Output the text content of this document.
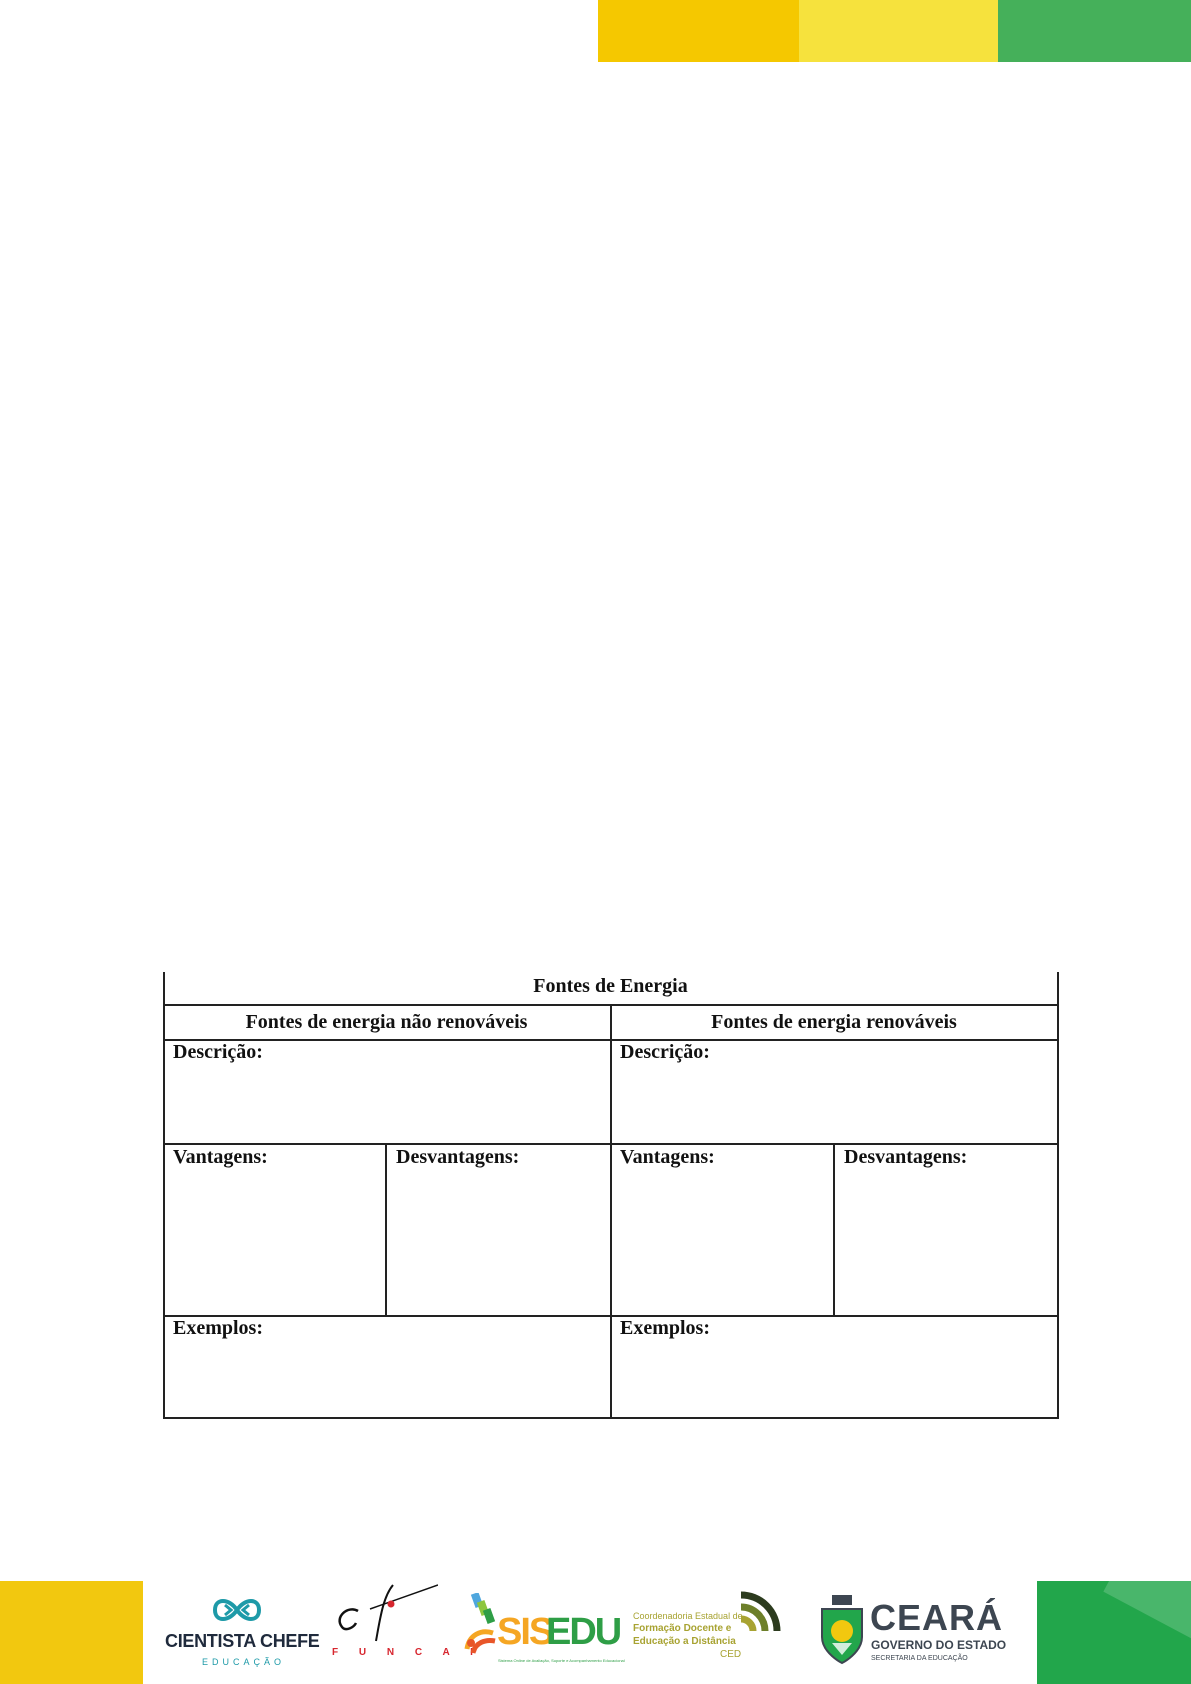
Fontes de Energia
Fontes de energia não renováveis	Fontes de energia renováveis
Descrição:	Descrição:
Vantagens:	Desvantagens:	Vantagens:	Desvantagens:
Exemplos:	Exemplos:
CIENTISTA CHEFE
EDUCAÇÃO
F U N C A P SIS
EDU
Sistema Online de Avaliação, Suporte e Acompanhamento Educacional
Coordenadoria Estadual de
Formação Docente e
Educação a Distância
CED
CEARÁ
GOVERNO DO ESTADO
SECRETARIA DA EDUCAÇÃO
